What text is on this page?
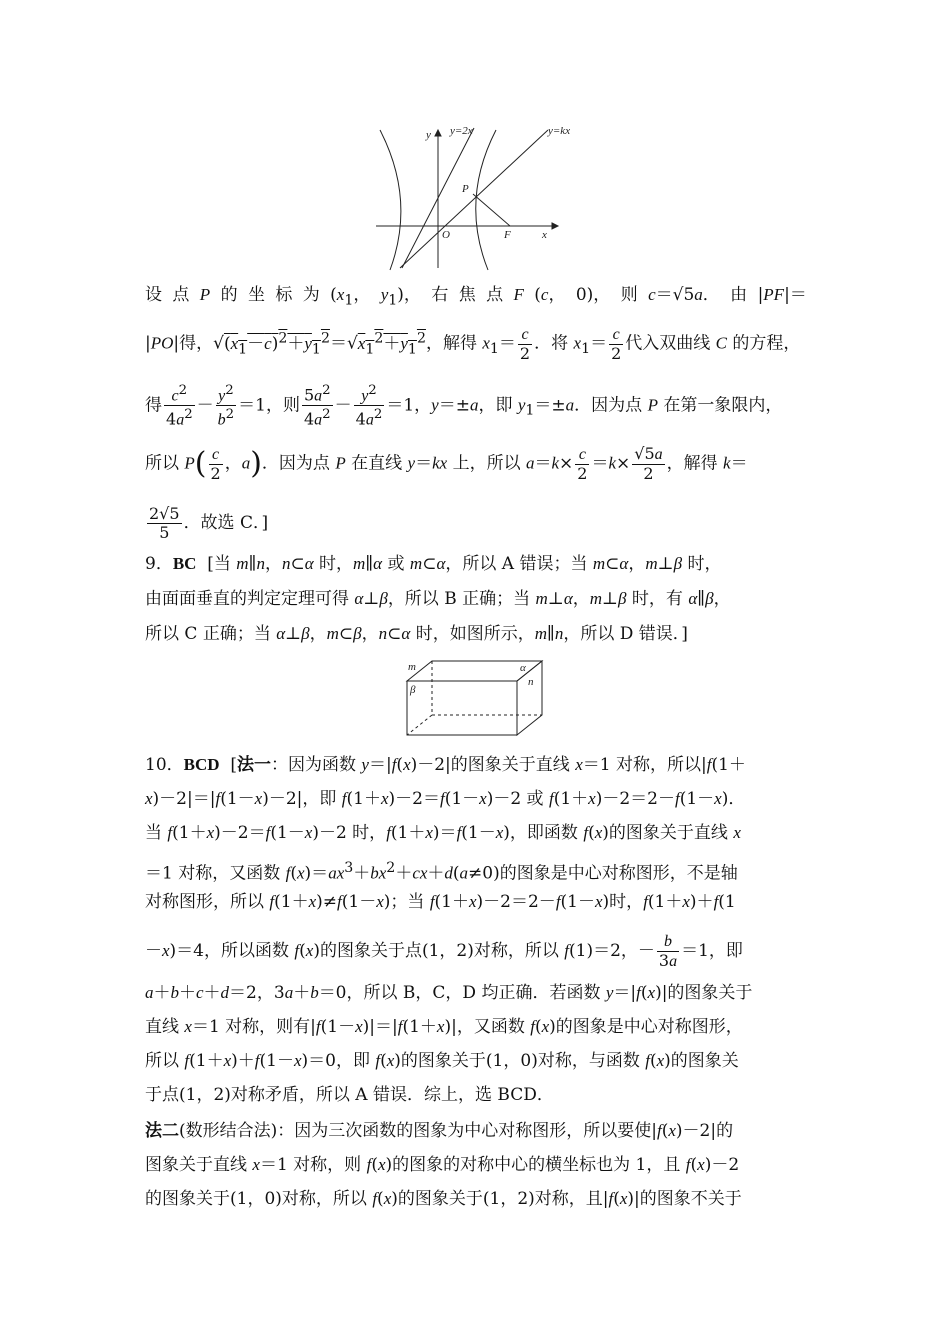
y y=2x	y=kx
P
O	F	x
设 点 P 的 坐 标 为 ($x_1$， $y_1$)， 右 焦 点 F (c， 0)， 则 c＝√5a． 由 |PF|＝
|PO|得，$√(x_1-c)^2+y_1^2=√x_1^2+y_1^2$，解得 $x_1= \frac{c}{2}$ ．将 $x_1= \frac{c}{2}$ 代入双曲线 C 的方程，
得 $\frac{c^2}{4a^2} - \frac{y^2}{b^2} =1$，则 $\frac{5a^2}{4a^2} - \frac{y^2}{4a^2} =1$，y＝±a，即 $y_1=\pm a$．因为点 P 在第一象限内，
所以 $P( \frac{c}{2}$ ，a)．因为点 P 在直线 y＝kx 上，所以 $a=k\times \frac{c}{2} =k\times \frac{√5a}{2}$ ，解得 k＝
$\frac{2√5}{5}$ ．故选 C．]
9．BC  [当 m∥n，n⊂α 时，m∥α 或 m⊂α，所以 A 错误；当 m⊂α，m⊥β 时，
由面面垂直的判定定理可得 α⊥β，所以 B 正确；当 m⊥α，m⊥β 时，有 α∥β，
所以 C 正确；当 α⊥β，m⊂β，n⊂α 时，如图所示，m∥n，所以 D 错误．]
m	α
n
β
10．BCD  [法一：因为函数 y＝|f(x)－2|的图象关于直线 x＝1 对称，所以|f(1＋
x)－2|＝|f(1－x)－2|，即 f(1＋x)－2＝f(1－x)－2 或 f(1＋x)－2＝2－f(1－x)．
当 f(1＋x)－2＝f(1－x)－2 时，f(1＋x)＝f(1－x)，即函数 f(x)的图象关于直线 x
＝1 对称，又函数 $f(x)=ax^3+bx^2+cx+d(a\ne 0)$的图象是中心对称图形，不是轴
对称图形，所以 f(1＋x)≠f(1－x)；当 f(1＋x)－2＝2－f(1－x)时，f(1＋x)＋f(1
－x)＝4，所以函数 f(x)的图象关于点(1，2)对称，所以 f(1)＝2，－ $\frac{b}{3a} =1$，即
a＋b＋c＋d＝2，3a＋b＝0，所以 B，C，D 均正确．若函数 y＝|f(x)|的图象关于
直线 x＝1 对称，则有|f(1－x)|＝|f(1＋x)|，又函数 f(x)的图象是中心对称图形，
所以 f(1＋x)＋f(1－x)＝0，即 f(x)的图象关于(1，0)对称，与函数 f(x)的图象关
于点(1，2)对称矛盾，所以 A 错误．综上，选 BCD．
法二(数形结合法)：因为三次函数的图象为中心对称图形，所以要使|f(x)－2|的
图象关于直线 x＝1 对称，则 f(x)的图象的对称中心的横坐标也为 1，且 f(x)－2
的图象关于(1，0)对称，所以 f(x)的图象关于(1，2)对称，且|f(x)|的图象不关于
